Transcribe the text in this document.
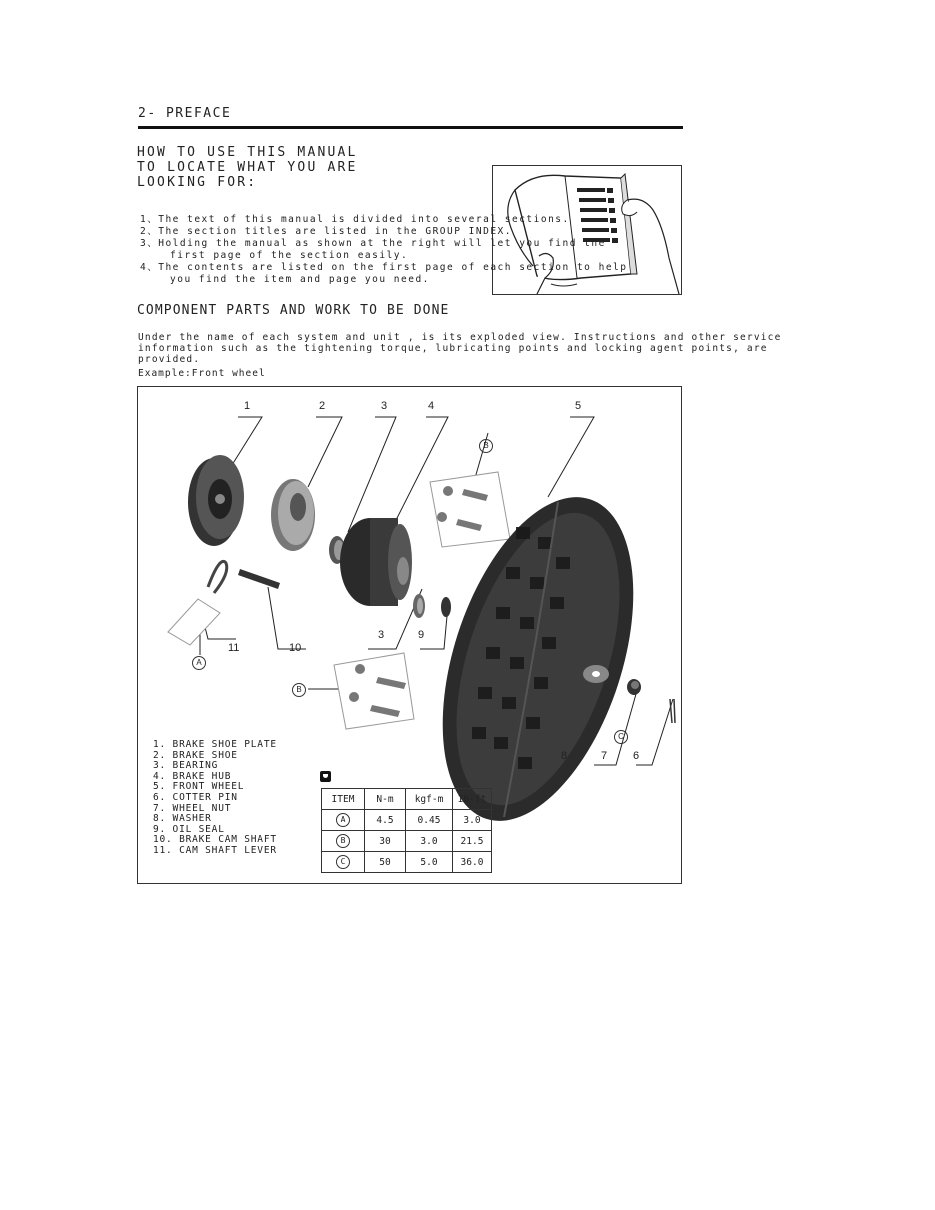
2- PREFACE
HOW TO USE THIS MANUAL
TO LOCATE WHAT YOU ARE
LOOKING FOR:
1、The text of this manual is divided into several sections.
2、The section titles are listed in the GROUP INDEX.
3、Holding the manual as shown at the right will let you find the
first page of the section easily.
4、The contents are listed on the first page of each section to help
you find the item and page you need.
COMPONENT PARTS AND WORK TO BE DONE
Under the name of each system and unit , is its exploded view. Instructions and other service information such as the tightening torque, lubricating points and locking agent points, are provided.
Example:Front wheel
1	2	3	4	5
11	10
3	9
8	7 6
B
A
B
C
1. BRAKE SHOE PLATE
2. BRAKE SHOE
3. BEARING
4. BRAKE HUB
5. FRONT WHEEL
6. COTTER PIN
7. WHEEL NUT
8. WASHER
9. OIL SEAL
10. BRAKE CAM SHAFT
11. CAM SHAFT LEVER
ITEM	N-m	kgf-m	Ib-ft
A	4.5	0.45	3.0
B	30	3.0	21.5
C	50	5.0	36.0
